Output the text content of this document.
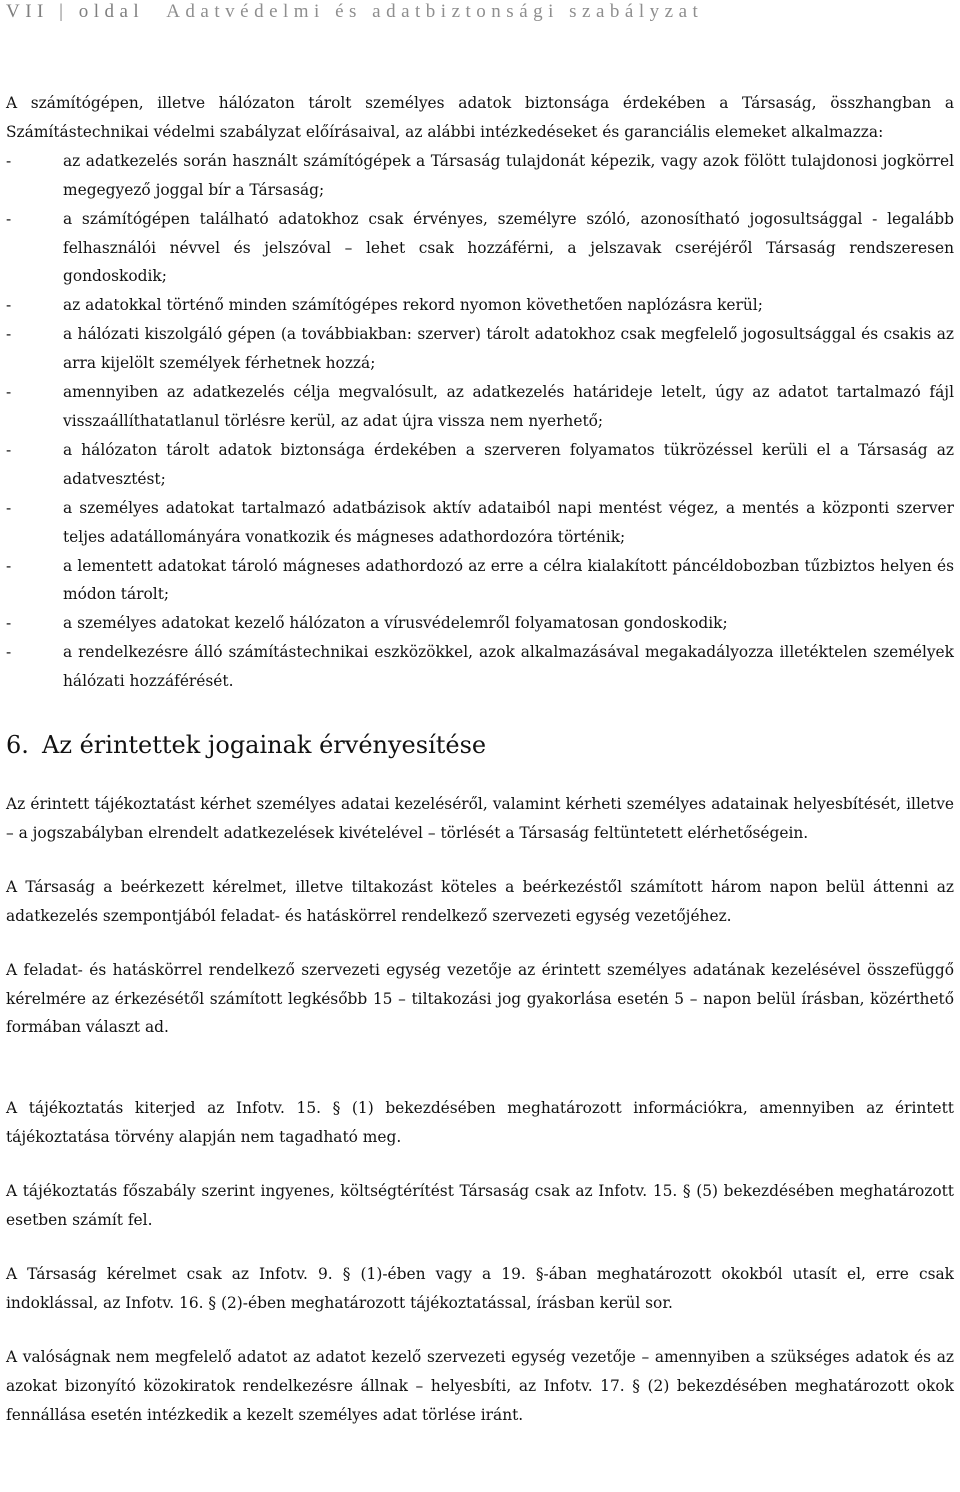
VII | oldal Adatvédelmi és adatbiztonsági szabályzat

A számítógépen, illetve hálózaton tárolt személyes adatok biztonsága érdekében a Társaság, összhangban a Számítástechnikai védelmi szabályzat előírásaival, az alábbi intézkedéseket és garanciális elemeket alkalmazza:

-	az adatkezelés során használt számítógépek a Társaság tulajdonát képezik, vagy azok fölött tulajdonosi jogkörrel megegyező joggal bír a Társaság;
-	a számítógépen található adatokhoz csak érvényes, személyre szóló, azonosítható jogosultsággal - legalább felhasználói névvel és jelszóval – lehet csak hozzáférni, a jelszavak cseréjéről Társaság rendszeresen gondoskodik;
-	az adatokkal történő minden számítógépes rekord nyomon követhetően naplózásra kerül;
-	a hálózati kiszolgáló gépen (a továbbiakban: szerver) tárolt adatokhoz csak megfelelő jogosultsággal és csakis az arra kijelölt személyek férhetnek hozzá;
-	amennyiben az adatkezelés célja megvalósult, az adatkezelés határideje letelt, úgy az adatot tartalmazó fájl visszaállíthatatlanul törlésre kerül, az adat újra vissza nem nyerhető;
-	a hálózaton tárolt adatok biztonsága érdekében a szerveren folyamatos tükrözéssel kerüli el a Társaság az adatvesztést;
-	a személyes adatokat tartalmazó adatbázisok aktív adataiból napi mentést végez, a mentés a központi szerver teljes adatállományára vonatkozik és mágneses adathordozóra történik;
-	a lementett adatokat tároló mágneses adathordozó az erre a célra kialakított páncéldobozban tűzbiztos helyen és módon tárolt;
-	a személyes adatokat kezelő hálózaton a vírusvédelemről folyamatosan gondoskodik;
-	a rendelkezésre álló számítástechnikai eszközökkel, azok alkalmazásával megakadályozza illetéktelen személyek hálózati hozzáférését.
6. Az érintettek jogainak érvényesítése

Az érintett tájékoztatást kérhet személyes adatai kezeléséről, valamint kérheti személyes adatainak helyesbítését, illetve – a jogszabályban elrendelt adatkezelések kivételével – törlését a Társaság feltüntetett elérhetőségein.

A Társaság a beérkezett kérelmet, illetve tiltakozást köteles a beérkezéstől számított három napon belül áttenni az adatkezelés szempontjából feladat- és hatáskörrel rendelkező szervezeti egység vezetőjéhez.

A feladat- és hatáskörrel rendelkező szervezeti egység vezetője az érintett személyes adatának kezelésével összefüggő kérelmére az érkezésétől számított legkésőbb 15 – tiltakozási jog gyakorlása esetén 5 – napon belül írásban, közérthető formában választ ad.

A tájékoztatás kiterjed az Infotv. 15. § (1) bekezdésében meghatározott információkra, amennyiben az érintett tájékoztatása törvény alapján nem tagadható meg.

A tájékoztatás főszabály szerint ingyenes, költségtérítést Társaság csak az Infotv. 15. § (5) bekezdésében meghatározott esetben számít fel.

A Társaság kérelmet csak az Infotv. 9. § (1)-ében vagy a 19. §-ában meghatározott okokból utasít el, erre csak indoklással, az Infotv. 16. § (2)-ében meghatározott tájékoztatással, írásban kerül sor.

A valóságnak nem megfelelő adatot az adatot kezelő szervezeti egység vezetője – amennyiben a szükséges adatok és az azokat bizonyító közokiratok rendelkezésre állnak – helyesbíti, az Infotv. 17. § (2) bekezdésében meghatározott okok fennállása esetén intézkedik a kezelt személyes adat törlése iránt.
